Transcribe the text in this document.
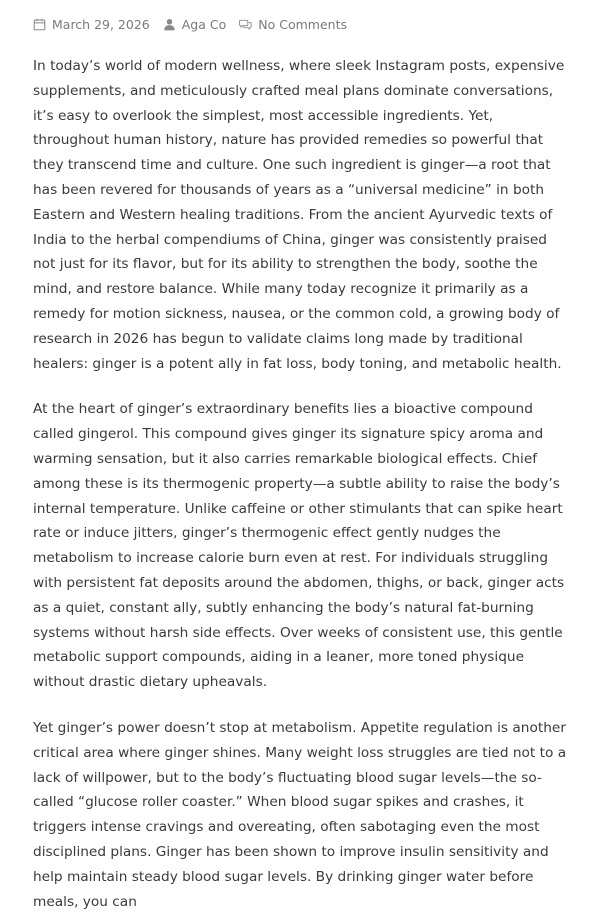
March 29, 2026	Aga Co	No Comments

In today’s world of modern wellness, where sleek Instagram posts, expensive supplements, and meticulously crafted meal plans dominate conversations, it’s easy to overlook the simplest, most accessible ingredients. Yet, throughout human history, nature has provided remedies so powerful that they transcend time and culture. One such ingredient is ginger—a root that has been revered for thousands of years as a “universal medicine” in both Eastern and Western healing traditions. From the ancient Ayurvedic texts of India to the herbal compendiums of China, ginger was consistently praised not just for its flavor, but for its ability to strengthen the body, soothe the mind, and restore balance. While many today recognize it primarily as a remedy for motion sickness, nausea, or the common cold, a growing body of research in 2026 has begun to validate claims long made by traditional healers: ginger is a potent ally in fat loss, body toning, and metabolic health.

At the heart of ginger’s extraordinary benefits lies a bioactive compound called gingerol. This compound gives ginger its signature spicy aroma and warming sensation, but it also carries remarkable biological effects. Chief among these is its thermogenic property—a subtle ability to raise the body’s internal temperature. Unlike caffeine or other stimulants that can spike heart rate or induce jitters, ginger’s thermogenic effect gently nudges the metabolism to increase calorie burn even at rest. For individuals struggling with persistent fat deposits around the abdomen, thighs, or back, ginger acts as a quiet, constant ally, subtly enhancing the body’s natural fat-burning systems without harsh side effects. Over weeks of consistent use, this gentle metabolic support compounds, aiding in a leaner, more toned physique without drastic dietary upheavals.

Yet ginger’s power doesn’t stop at metabolism. Appetite regulation is another critical area where ginger shines. Many weight loss struggles are tied not to a lack of willpower, but to the body’s fluctuating blood sugar levels—the so-called “glucose roller coaster.” When blood sugar spikes and crashes, it triggers intense cravings and overeating, often sabotaging even the most disciplined plans. Ginger has been shown to improve insulin sensitivity and help maintain steady blood sugar levels. By drinking ginger water before meals, you can
